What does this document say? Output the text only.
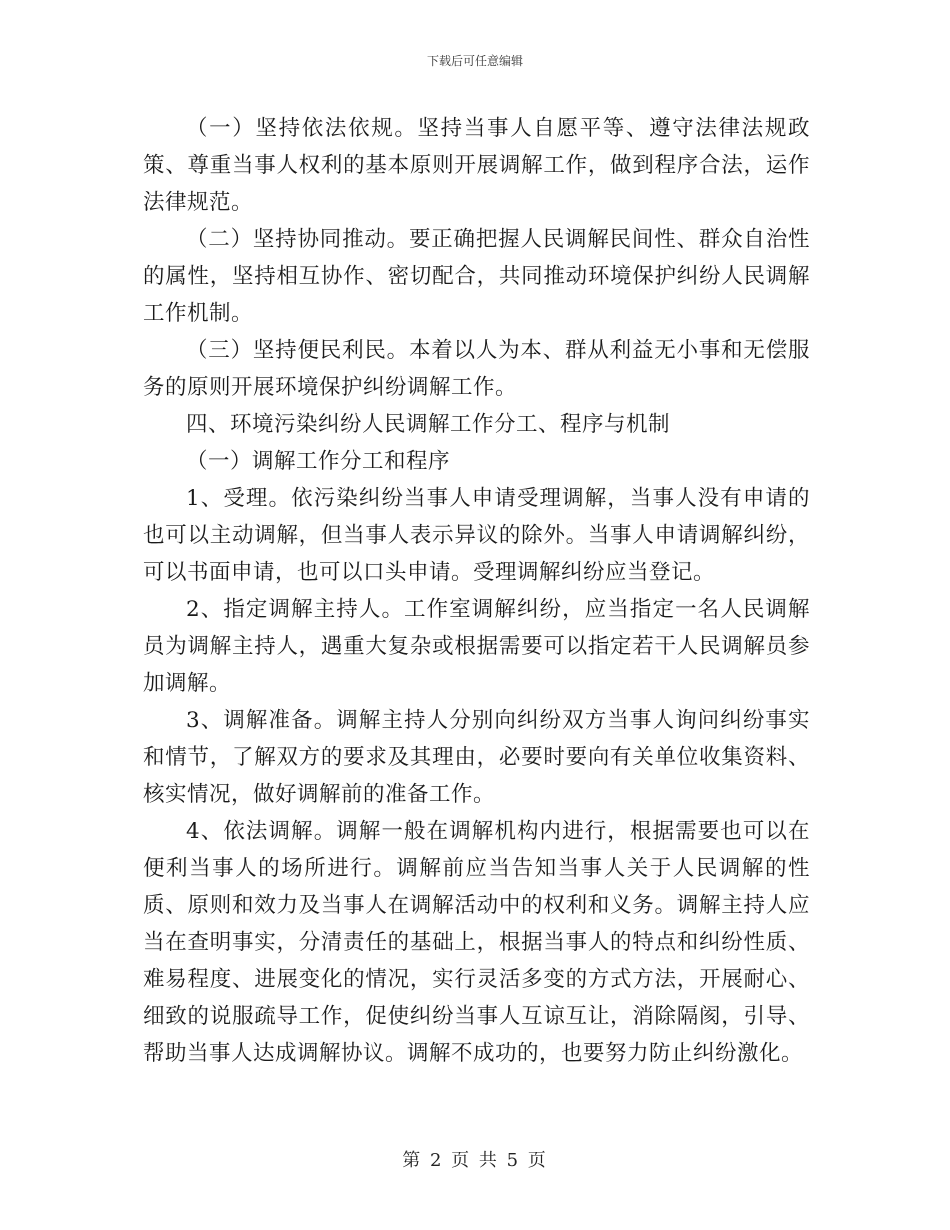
下载后可任意编辑

（一）坚持依法依规。坚持当事人自愿平等、遵守法律法规政策、尊重当事人权利的基本原则开展调解工作，做到程序合法，运作法律规范。

（二）坚持协同推动。要正确把握人民调解民间性、群众自治性的属性，坚持相互协作、密切配合，共同推动环境保护纠纷人民调解工作机制。

（三）坚持便民利民。本着以人为本、群从利益无小事和无偿服务的原则开展环境保护纠纷调解工作。

四、环境污染纠纷人民调解工作分工、程序与机制

（一）调解工作分工和程序

1、受理。依污染纠纷当事人申请受理调解，当事人没有申请的也可以主动调解，但当事人表示异议的除外。当事人申请调解纠纷，可以书面申请，也可以口头申请。受理调解纠纷应当登记。

2、指定调解主持人。工作室调解纠纷，应当指定一名人民调解员为调解主持人，遇重大复杂或根据需要可以指定若干人民调解员参加调解。

3、调解准备。调解主持人分别向纠纷双方当事人询问纠纷事实和情节，了解双方的要求及其理由，必要时要向有关单位收集资料、核实情况，做好调解前的准备工作。

4、依法调解。调解一般在调解机构内进行，根据需要也可以在便利当事人的场所进行。调解前应当告知当事人关于人民调解的性质、原则和效力及当事人在调解活动中的权利和义务。调解主持人应当在查明事实，分清责任的基础上，根据当事人的特点和纠纷性质、难易程度、进展变化的情况，实行灵活多变的方式方法，开展耐心、细致的说服疏导工作，促使纠纷当事人互谅互让，消除隔阂，引导、帮助当事人达成调解协议。调解不成功的，也要努力防止纠纷激化。

第 2 页 共 5 页
